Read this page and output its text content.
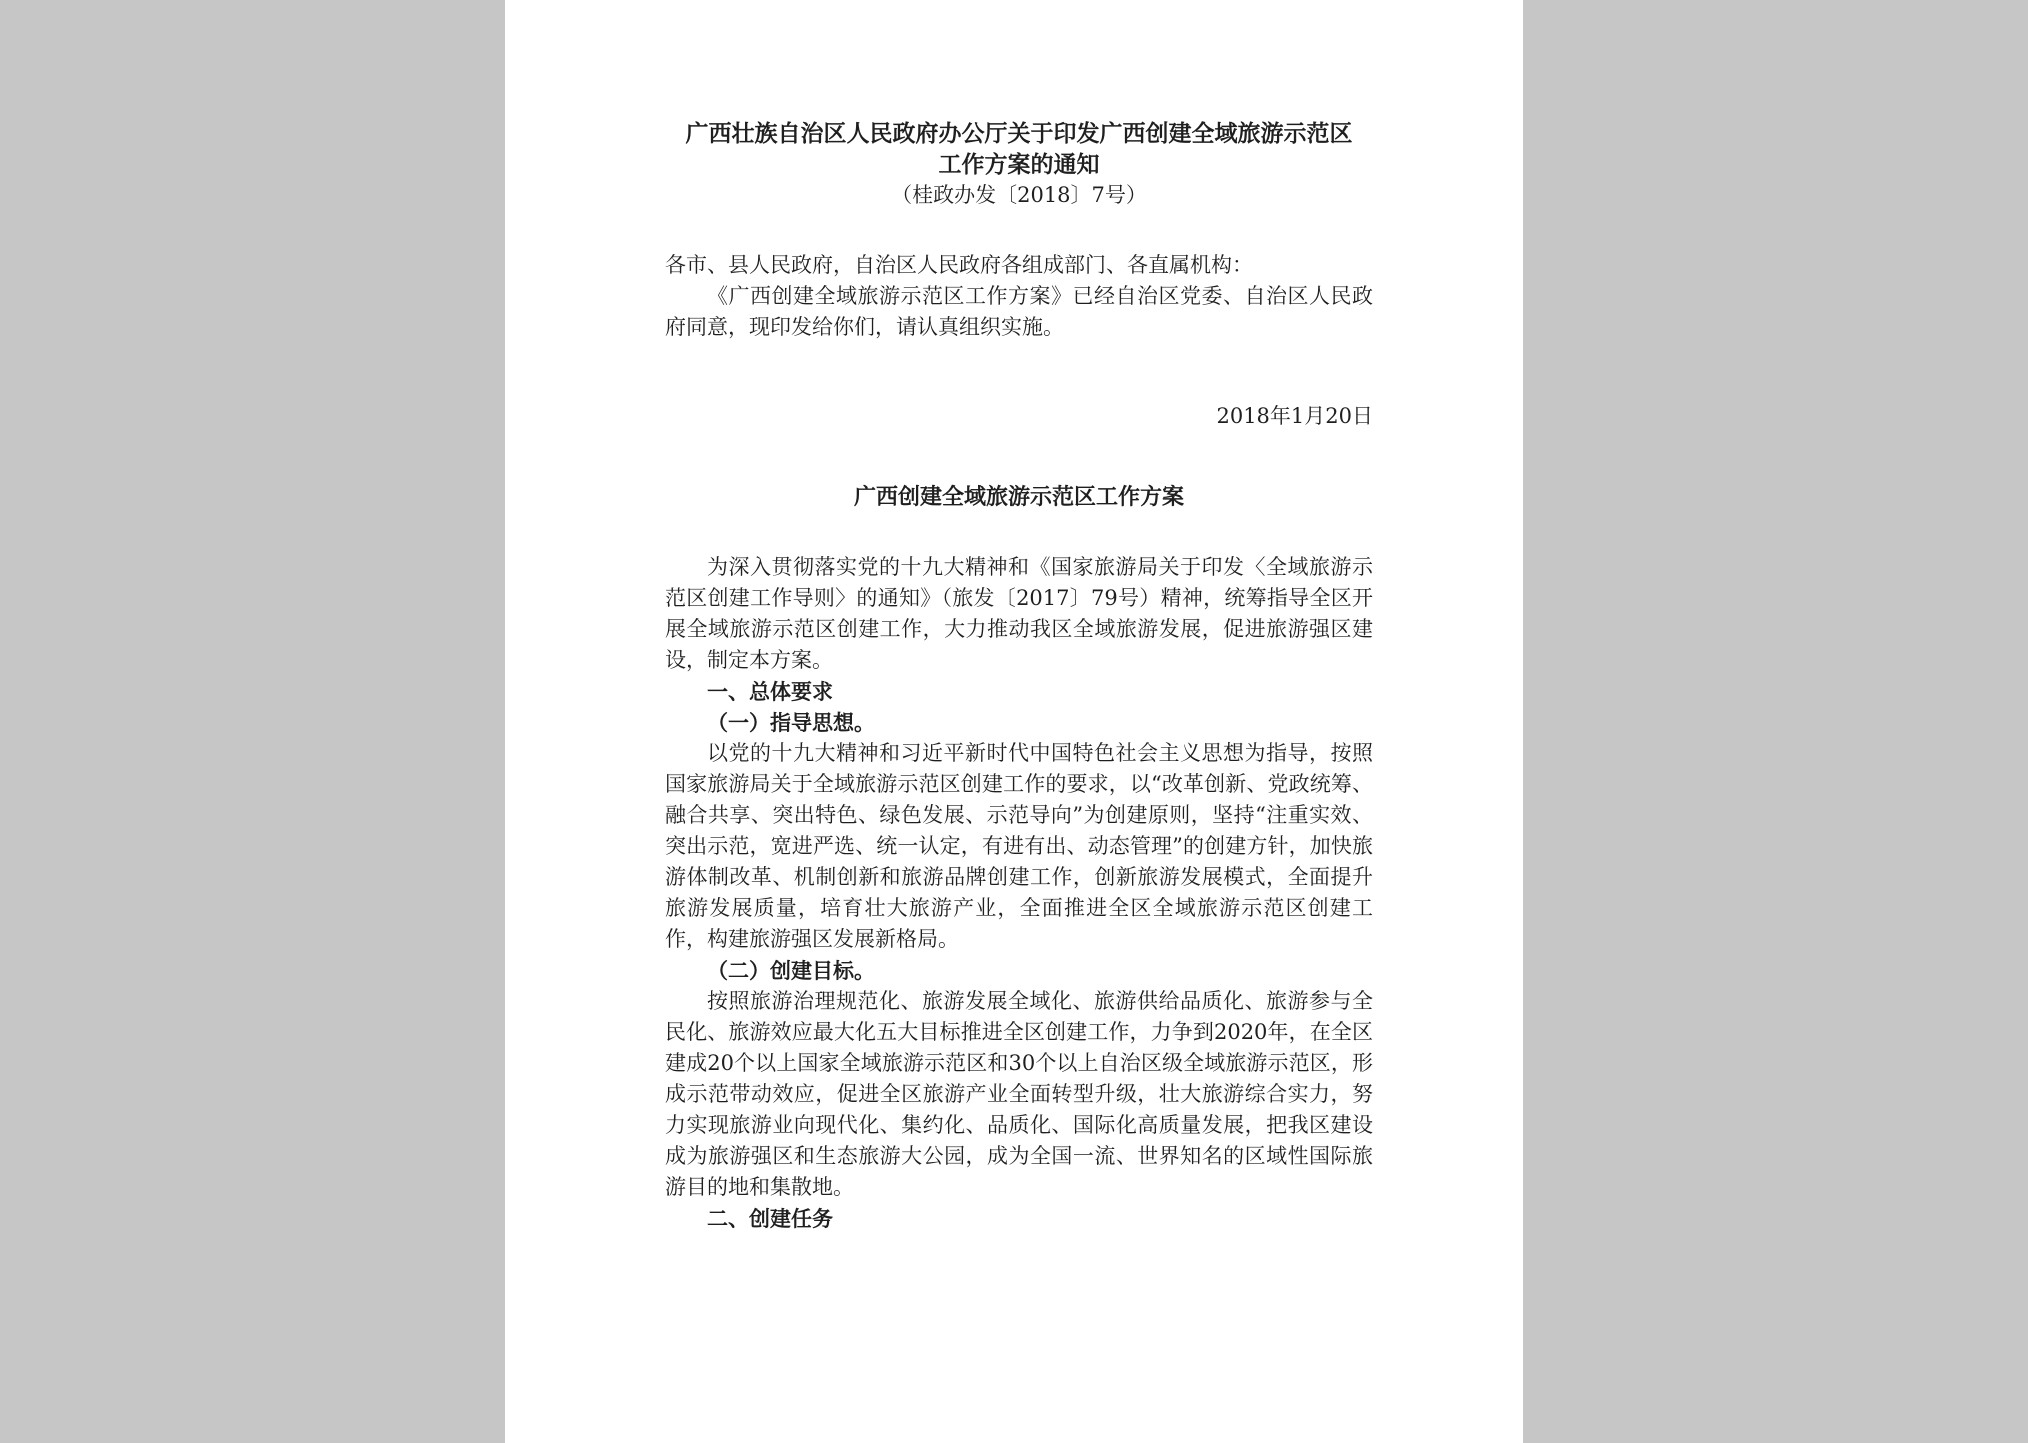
广西壮族自治区人民政府办公厅关于印发广西创建全域旅游示范区

工作方案的通知

（桂政办发〔2018〕7号）

各市、县人民政府，自治区人民政府各组成部门、各直属机构：

《广西创建全域旅游示范区工作方案》已经自治区党委、自治区人民政府同意，现印发给你们，请认真组织实施。

2018年1月20日

广西创建全域旅游示范区工作方案

为深入贯彻落实党的十九大精神和《国家旅游局关于印发〈全域旅游示范区创建工作导则〉的通知》（旅发〔2017〕79号）精神，统筹指导全区开展全域旅游示范区创建工作，大力推动我区全域旅游发展，促进旅游强区建设，制定本方案。

一、总体要求

（一）指导思想。

以党的十九大精神和习近平新时代中国特色社会主义思想为指导，按照国家旅游局关于全域旅游示范区创建工作的要求，以“改革创新、党政统筹、融合共享、突出特色、绿色发展、示范导向”为创建原则，坚持“注重实效、突出示范，宽进严选、统一认定，有进有出、动态管理”的创建方针，加快旅游体制改革、机制创新和旅游品牌创建工作，创新旅游发展模式，全面提升旅游发展质量，培育壮大旅游产业，全面推进全区全域旅游示范区创建工作，构建旅游强区发展新格局。

（二）创建目标。

按照旅游治理规范化、旅游发展全域化、旅游供给品质化、旅游参与全民化、旅游效应最大化五大目标推进全区创建工作，力争到2020年，在全区建成20个以上国家全域旅游示范区和30个以上自治区级全域旅游示范区，形成示范带动效应，促进全区旅游产业全面转型升级，壮大旅游综合实力，努力实现旅游业向现代化、集约化、品质化、国际化高质量发展，把我区建设成为旅游强区和生态旅游大公园，成为全国一流、世界知名的区域性国际旅游目的地和集散地。

二、创建任务
